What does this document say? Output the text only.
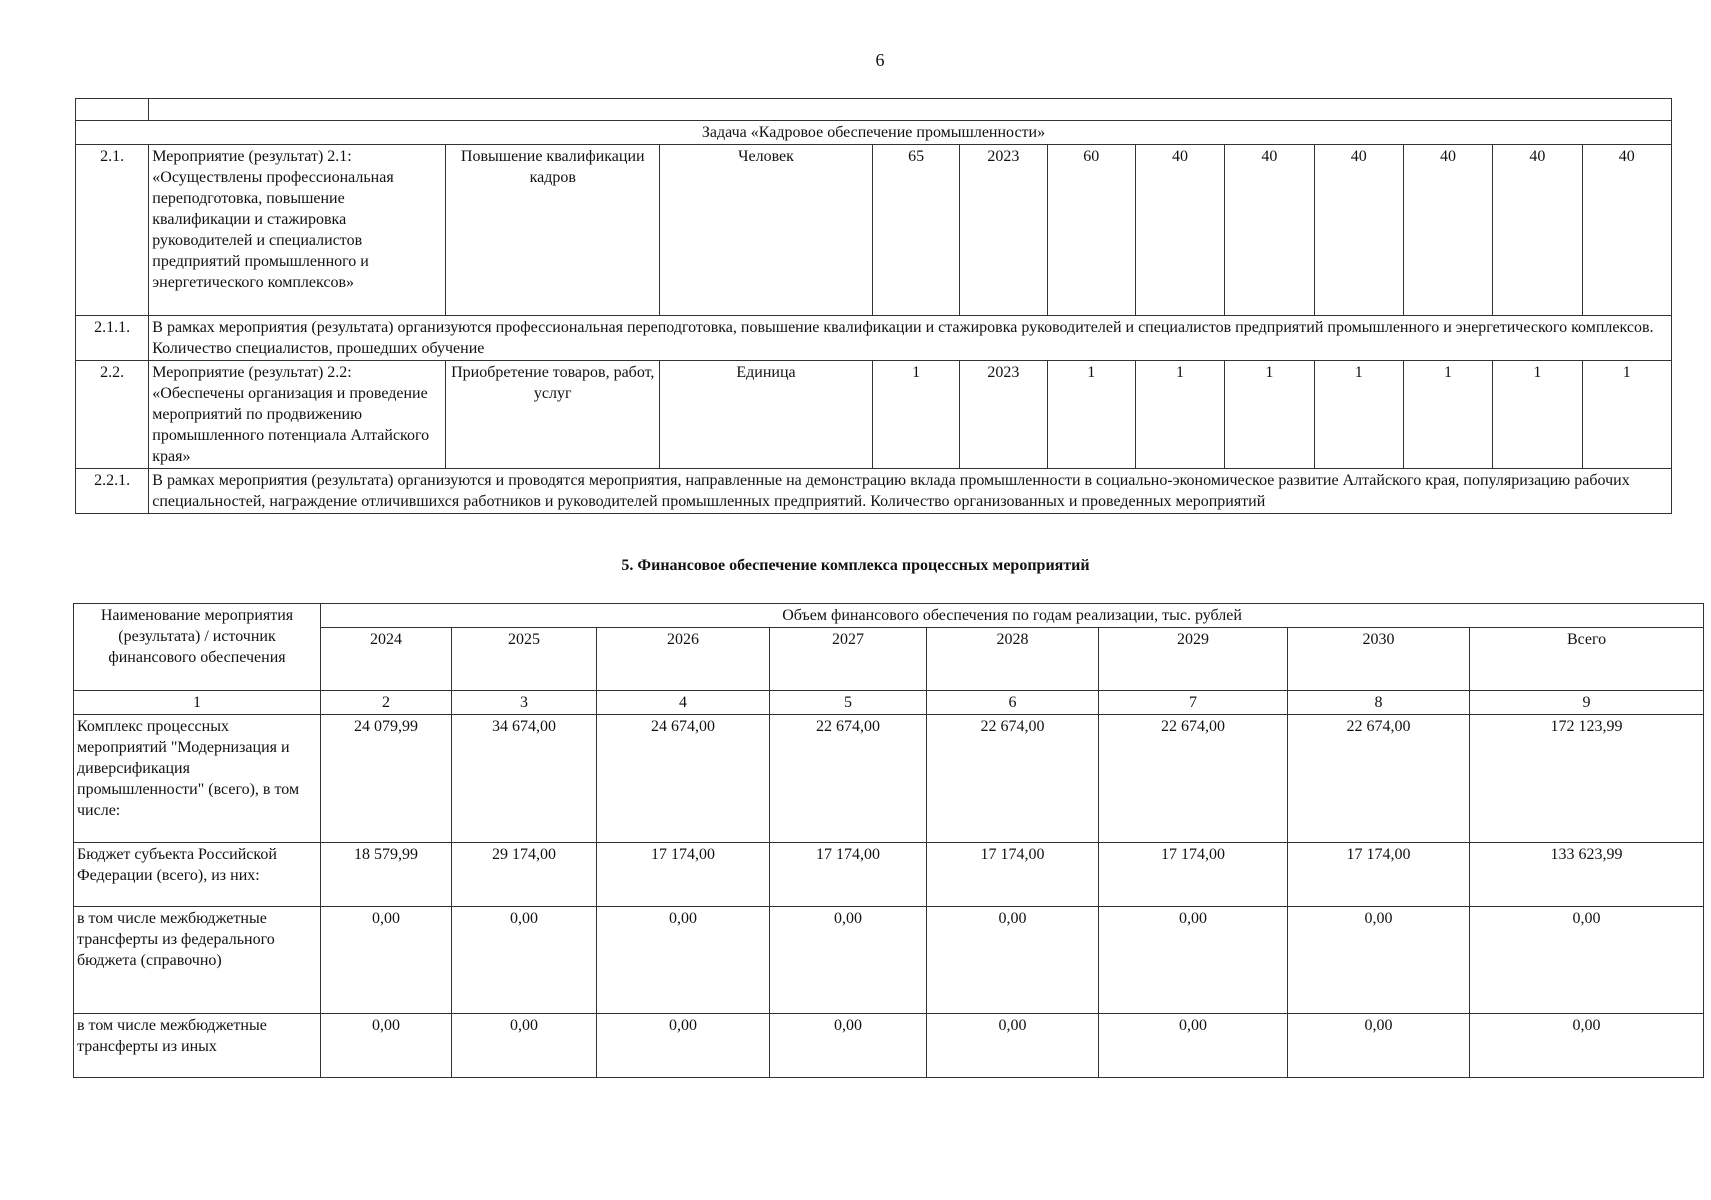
6

Задача «Кадровое обеспечение промышленности»												
2.1.	Мероприятие (результат) 2.1: «Осуществлены профессиональная переподготовка, повышение квалификации и стажировка руководителей и специалистов предприятий промышленного и энергетического комплексов»	Повышение квалификации кадров	Человек	65	2023	60	40	40	40	40	40	40
2.1.1.	В рамках мероприятия (результата) организуются профессиональная переподготовка, повышение квалификации и стажировка руководителей и специалистов предприятий промышленного и энергетического комплексов. Количество специалистов, прошедших обучение											
2.2.	Мероприятие (результат) 2.2: «Обеспечены организация и проведение мероприятий по продвижению промышленного потенциала Алтайского края»	Приобретение товаров, работ, услуг	Единица	1	2023	1	1	1	1	1	1	1
2.2.1.	В рамках мероприятия (результата) организуются и проводятся мероприятия, направленные на демонстрацию вклада промышленности в социально-экономическое развитие Алтайского края, популяризацию рабочих специальностей, награждение отличившихся работников и руководителей промышленных предприятий. Количество организованных и проведенных мероприятий											
5. Финансовое обеспечение комплекса процессных мероприятий
Наименование мероприятия (результата) / источник финансового обеспечения	Объем финансового обеспечения по годам реализации, тыс. рублей							
	2024	2025	2026	2027	2028	2029	2030	Всего
1	2	3	4	5	6	7	8	9
Комплекс процессных мероприятий "Модернизация и диверсификация промышленности" (всего), в том числе:	24 079,99	34 674,00	24 674,00	22 674,00	22 674,00	22 674,00	22 674,00	172 123,99
Бюджет субъекта Российской Федерации (всего), из них:	18 579,99	29 174,00	17 174,00	17 174,00	17 174,00	17 174,00	17 174,00	133 623,99
в том числе межбюджетные трансферты из федерального бюджета (справочно)	0,00	0,00	0,00	0,00	0,00	0,00	0,00	0,00
в том числе межбюджетные трансферты из иных	0,00	0,00	0,00	0,00	0,00	0,00	0,00	0,00
